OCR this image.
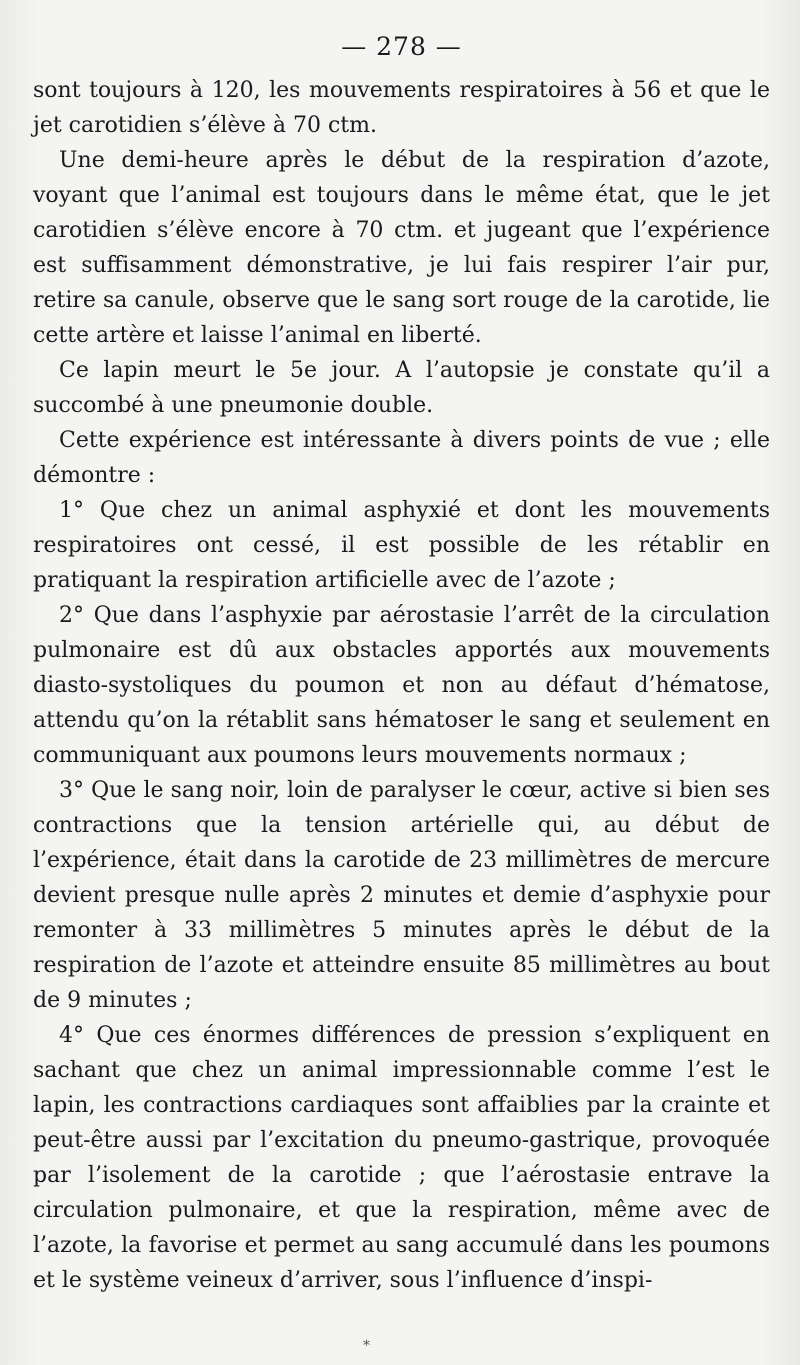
— 278 —

sont toujours à 120, les mouvements respiratoires à 56 et que le jet carotidien s’élève à 70 ctm.

Une demi-heure après le début de la respiration d’azote, voyant que l’animal est toujours dans le même état, que le jet carotidien s’élève encore à 70 ctm. et jugeant que l’expérience est suffisamment démonstrative, je lui fais respirer l’air pur, retire sa canule, observe que le sang sort rouge de la carotide, lie cette artère et laisse l’animal en liberté.

Ce lapin meurt le 5e jour. A l’autopsie je constate qu’il a succombé à une pneumonie double.

Cette expérience est intéressante à divers points de vue ; elle démontre :

1° Que chez un animal asphyxié et dont les mouvements respiratoires ont cessé, il est possible de les rétablir en pratiquant la respiration artificielle avec de l’azote ;

2° Que dans l’asphyxie par aérostasie l’arrêt de la circulation pulmonaire est dû aux obstacles apportés aux mouvements diasto-systoliques du poumon et non au défaut d’hématose, attendu qu’on la rétablit sans hématoser le sang et seulement en communiquant aux poumons leurs mouvements normaux ;

3° Que le sang noir, loin de paralyser le cœur, active si bien ses contractions que la tension artérielle qui, au début de l’expérience, était dans la carotide de 23 millimètres de mercure devient presque nulle après 2 minutes et demie d’asphyxie pour remonter à 33 millimètres 5 minutes après le début de la respiration de l’azote et atteindre ensuite 85 millimètres au bout de 9 minutes ;

4° Que ces énormes différences de pression s’expliquent en sachant que chez un animal impressionnable comme l’est le lapin, les contractions cardiaques sont affaiblies par la crainte et peut-être aussi par l’excitation du pneumo-gastrique, provoquée par l’isolement de la carotide ; que l’aérostasie entrave la circulation pulmonaire, et que la respiration, même avec de l’azote, la favorise et permet au sang accumulé dans les poumons et le système veineux d’arriver, sous l’influence d’inspi-

*
